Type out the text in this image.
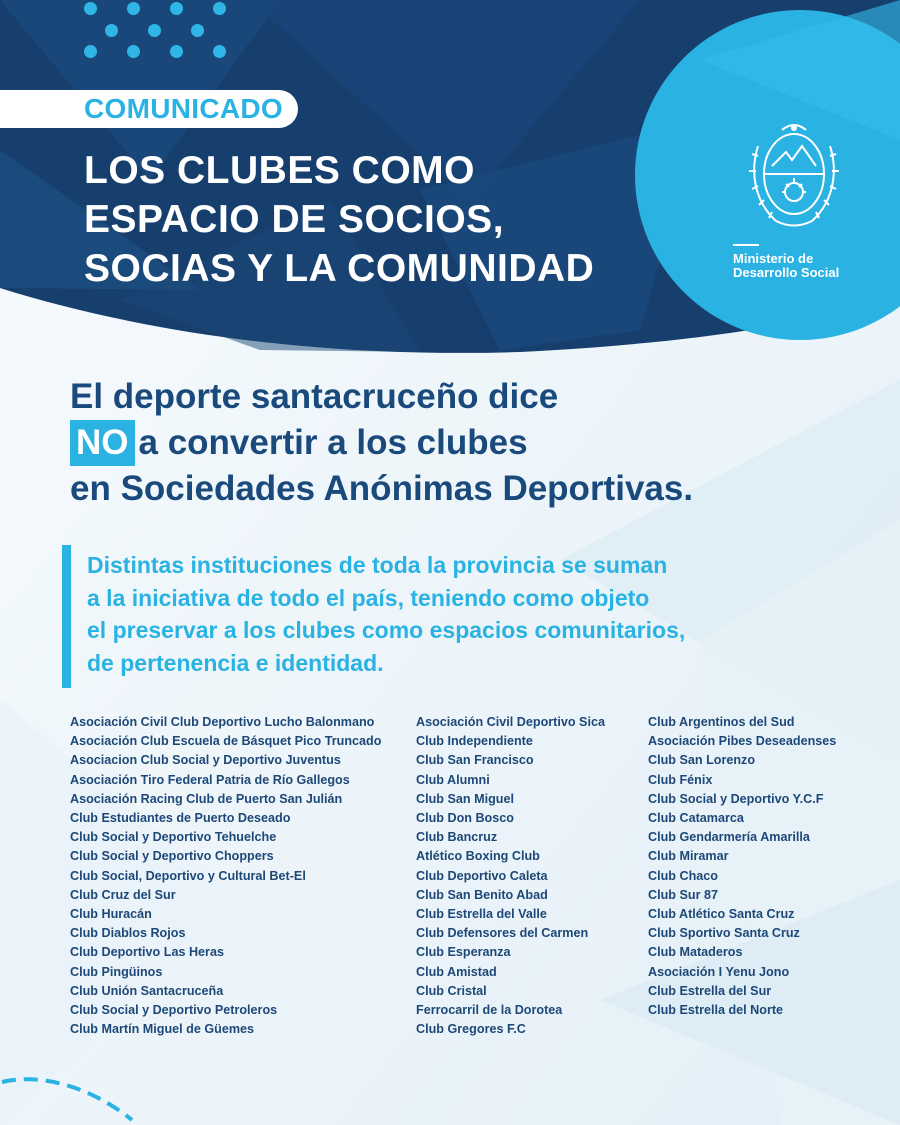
COMUNICADO
LOS CLUBES COMO
ESPACIO DE SOCIOS,
SOCIAS Y LA COMUNIDAD	Ministerio de
Desarrollo Social
El deporte santacruceño dice
NO a convertir a los clubes
en Sociedades Anónimas Deportivas.
Distintas instituciones de toda la provincia se suman
a la iniciativa de todo el país, teniendo como objeto
el preservar a los clubes como espacios comunitarios,
de pertenencia e identidad.
Asociación Civil Club Deportivo Lucho Balonmano
Asociación Club Escuela de Básquet Pico Truncado
Asociacion Club Social y Deportivo Juventus
Asociación Tiro Federal Patria de Río Gallegos
Asociación Racing Club de Puerto San Julián
Club Estudiantes de Puerto Deseado
Club Social y Deportivo Tehuelche
Club Social y Deportivo Choppers
Club Social, Deportivo y Cultural Bet-El
Club Cruz del Sur
Club Huracán
Club Diablos Rojos
Club Deportivo Las Heras
Club Pingüinos
Club Unión Santacruceña
Club Social y Deportivo Petroleros
Club Martín Miguel de Güemes
Asociación Civil Deportivo Sica
Club Independiente
Club San Francisco
Club Alumni
Club San Miguel
Club Don Bosco
Club Bancruz
Atlético Boxing Club
Club Deportivo Caleta
Club San Benito Abad
Club Estrella del Valle
Club Defensores del Carmen
Club Esperanza
Club Amistad
Club Cristal
Ferrocarril de la Dorotea
Club Gregores F.C
Club Argentinos del Sud
Asociación Pibes Deseadenses
Club San Lorenzo
Club Fénix
Club Social y Deportivo Y.C.F
Club Catamarca
Club Gendarmería Amarilla
Club Miramar
Club Chaco
Club Sur 87
Club Atlético Santa Cruz
Club Sportivo Santa Cruz
Club Mataderos
Asociación I Yenu Jono
Club Estrella del Sur
Club Estrella del Norte
